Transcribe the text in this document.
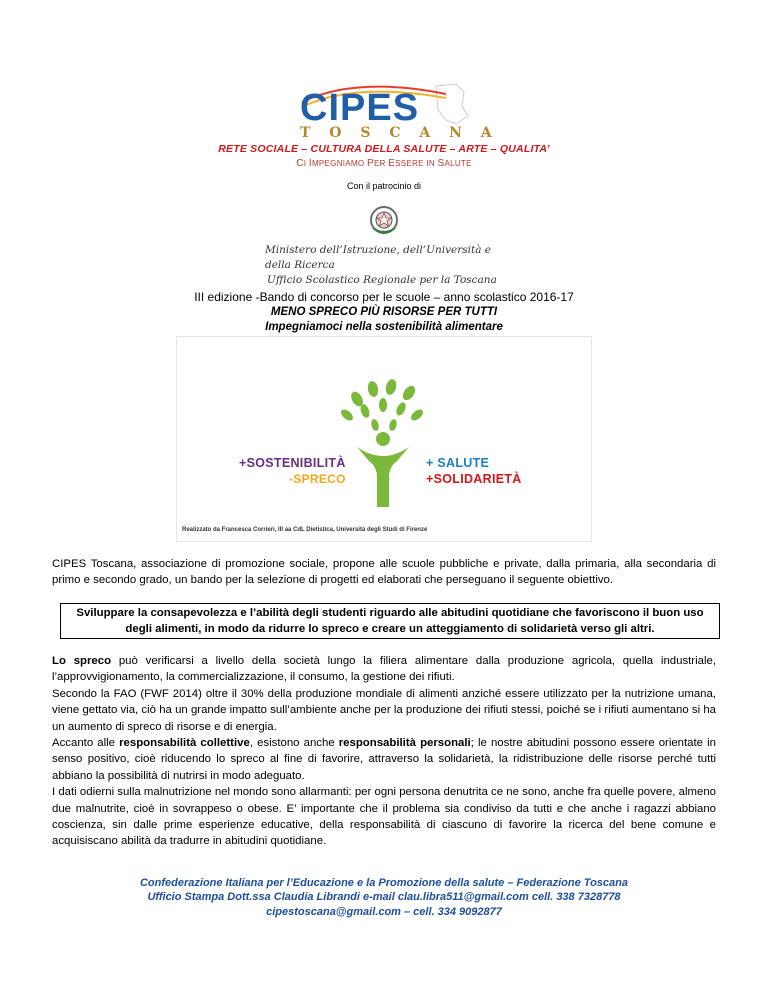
CIPES
T O S C A N A
RETE SOCIALE – CULTURA DELLA SALUTE – ARTE – QUALITA’
CI IMPEGNIAMO PER ESSERE IN SALUTE
Con il patrocinio di
Ministero dell’Istruzione, dell’Università e della Ricerca
Ufficio Scolastico Regionale per la Toscana
III edizione -Bando di concorso per le scuole – anno scolastico 2016-17
MENO SPRECO PIÙ RISORSE PER TUTTI
Impegniamoci nella sostenibilità alimentare
+SOSTENIBILITÀ
-SPRECO
+ SALUTE
+SOLIDARIETÀ
Realizzato da Francesca Corrieri, III aa CdL Dietistica, Università degli Studi di Firenze

CIPES Toscana, associazione di promozione sociale, propone alle scuole pubbliche e private, dalla primaria, alla secondaria di primo e secondo grado, un bando per la selezione di progetti ed elaborati che perseguano il seguente obiettivo.

Sviluppare la consapevolezza e l’abilità degli studenti riguardo alle abitudini quotidiane che favoriscono il buon uso degli alimenti, in modo da ridurre lo spreco e creare un atteggiamento di solidarietà verso gli altri.

Lo spreco può verificarsi a livello della società lungo la filiera alimentare dalla produzione agricola, quella industriale, l’approvvigionamento, la commercializzazione, il consumo, la gestione dei rifiuti.

Secondo la FAO (FWF 2014) oltre il 30% della produzione mondiale di alimenti anziché essere utilizzato per la nutrizione umana, viene gettato via, ciò ha un grande impatto sull’ambiente anche per la produzione dei rifiuti stessi, poiché se i rifiuti aumentano si ha un aumento di spreco di risorse e di energia.

Accanto alle responsabilità collettive, esistono anche responsabilità personali; le nostre abitudini possono essere orientate in senso positivo, cioè riducendo lo spreco al fine di favorire, attraverso la solidarietà, la ridistribuzione delle risorse perché tutti abbiano la possibilità di nutrirsi in modo adeguato.

I dati odierni sulla malnutrizione nel mondo sono allarmanti: per ogni persona denutrita ce ne sono, anche fra quelle povere, almeno due malnutrite, cioè in sovrappeso o obese. E’ importante che il problema sia condiviso da tutti e che anche i ragazzi abbiano coscienza, sin dalle prime esperienze educative, della responsabilità di ciascuno di favorire la ricerca del bene comune e acquisiscano abilità da tradurre in abitudini quotidiane.

Confederazione Italiana per l’Educazione e la Promozione della salute – Federazione Toscana
Ufficio Stampa Dott.ssa Claudia Librandi e-mail clau.libra511@gmail.com cell. 338 7328778
cipestoscana@gmail.com – cell. 334 9092877
